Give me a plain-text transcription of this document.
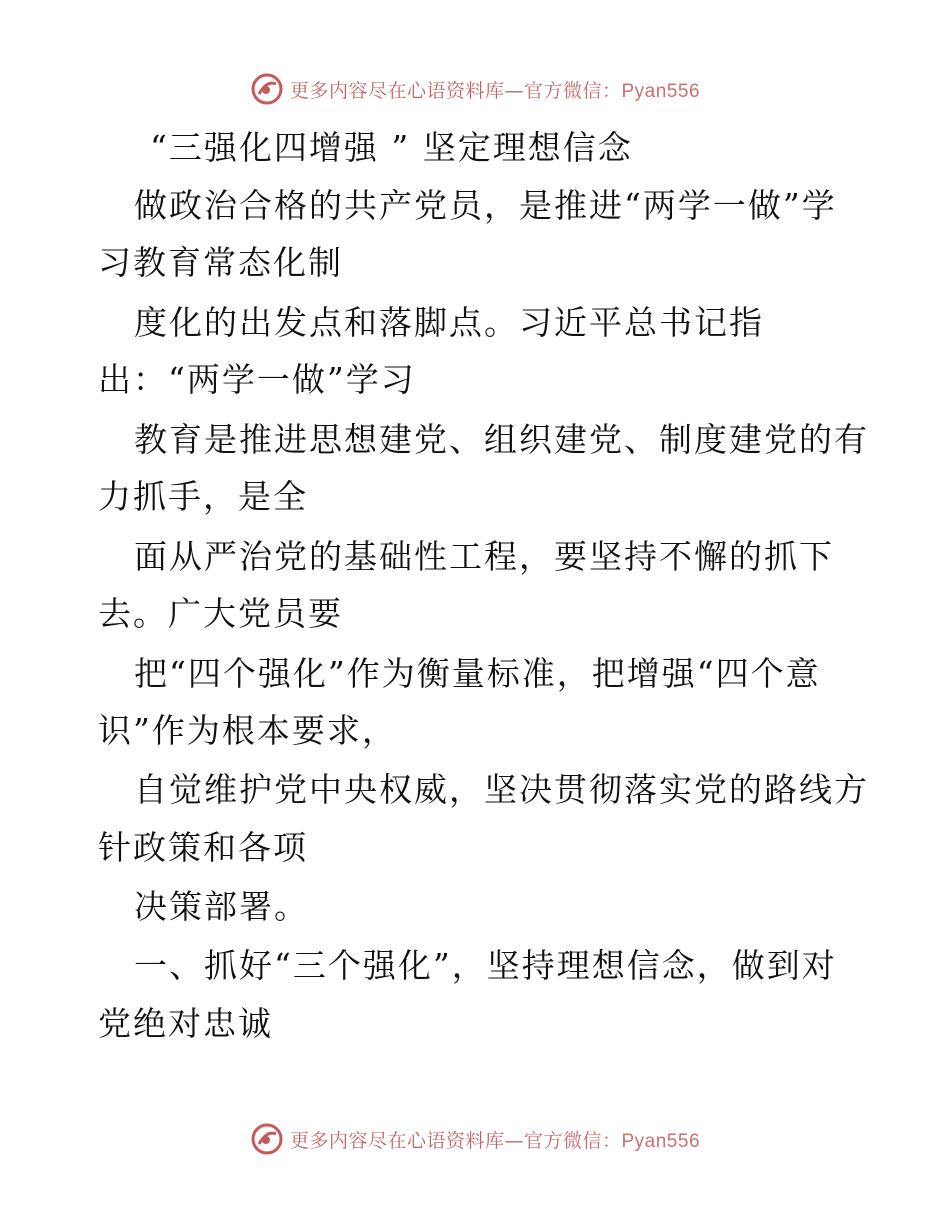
更多内容尽在心语资料库—官方微信：Pyan556
“三强化四增强 ” 坚定理想信念
做政治合格的共产党员，是推进“两学一做”学
习教育常态化制
度化的出发点和落脚点。习近平总书记指
出：“两学一做”学习
教育是推进思想建党、组织建党、制度建党的有
力抓手，是全
面从严治党的基础性工程，要坚持不懈的抓下
去。广大党员要
把“四个强化”作为衡量标准，把增强“四个意
识”作为根本要求，
自觉维护党中央权威，坚决贯彻落实党的路线方
针政策和各项
决策部署。
一、抓好“三个强化”，坚持理想信念，做到对
党绝对忠诚
更多内容尽在心语资料库—官方微信：Pyan556
